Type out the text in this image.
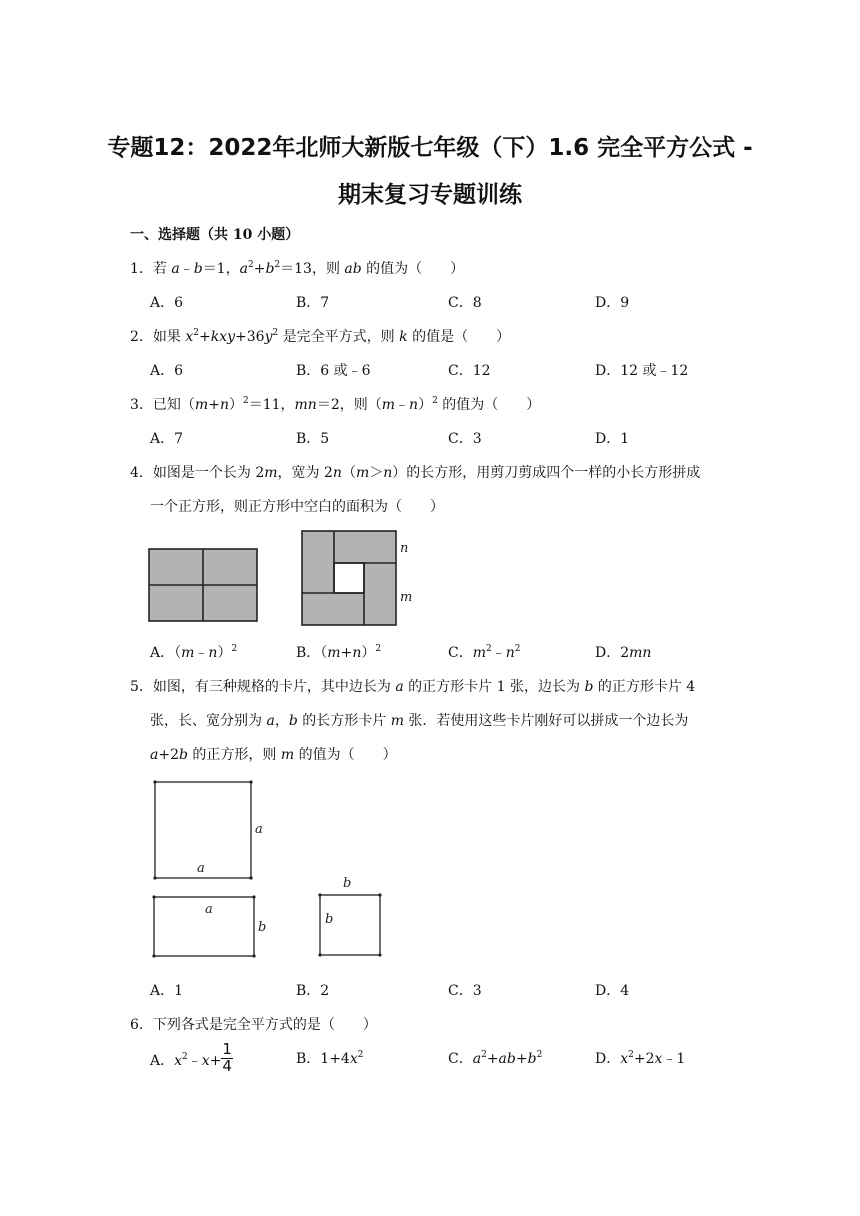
专题12：2022年北师大新版七年级（下）1.6 完全平方公式 -
期末复习专题训练
一、选择题（共 10 小题）
1．若 a﹣b＝1，$a^2+b^2=13$，则 ab 的值为（　　）
A．6	B．7	C．8	D．9
2．如果 $x^2+kxy+36y^2$ 是完全平方式，则 k 的值是（　　）
A．6	B．6 或﹣6	C．12	D．12 或﹣12
3．已知$(m+n)^2=11$，mn＝2，则（m﹣n）$^2$ 的值为（　　）
A．7	B．5	C．3	D．1
4．如图是一个长为 2m，宽为 2n（m＞n）的长方形，用剪刀剪成四个一样的小长方形拼成
一个正方形，则正方形中空白的面积为（　　）
n
m
A．（m﹣n）$^2$	B．$(m+n)^2$	C．$m^2﹣n^2$	D．2mn
5．如图，有三种规格的卡片，其中边长为 a 的正方形卡片 1 张，边长为 b 的正方形卡片 4
张，长、宽分别为 a，b 的长方形卡片 m 张．若使用这些卡片刚好可以拼成一个边长为
a+2b 的正方形，则 m 的值为（　　）
a
a
a
b
b
b
A．1	B．2	C．3	D．4
6．下列各式是完全平方式的是（　　）
A．$x^2﹣x+ \frac{1}{4}$	B．$1+4x^2$	C．$a^2+ab+b^2$	D．$x^2+2x﹣1$
